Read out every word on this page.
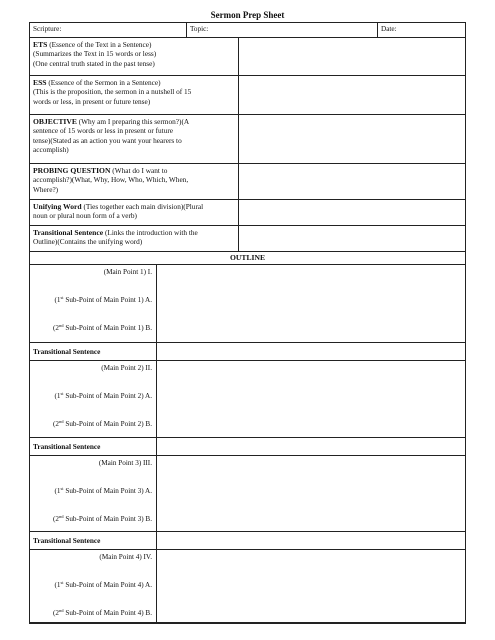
Sermon Prep Sheet
Scripture:	Topic:	Date:
ETS (Essence of the Text in a Sentence)
(Summarizes the Text in 15 words or less)
(One central truth stated in the past tense)
ESS (Essence of the Sermon in a Sentence)
(This is the proposition, the sermon in a nutshell of 15
words or less, in present or future tense)
OBJECTIVE (Why am I preparing this sermon?)(A
sentence of 15 words or less in present or future
tense)(Stated as an action you want your hearers to
accomplish)
PROBING QUESTION (What do I want to
accomplish?)(What, Why, How, Who, Which, When,
Where?)
Unifying Word (Ties together each main division)(Plural
noun or plural noun form of a verb)
Transitional Sentence (Links the introduction with the
Outline)(Contains the unifying word)
OUTLINE
(Main Point 1) I.
(1st Sub-Point of Main Point 1) A.
(2nd Sub-Point of Main Point 1) B.
Transitional Sentence
(Main Point 2) II.
(1st Sub-Point of Main Point 2) A.
(2nd Sub-Point of Main Point 2) B.
Transitional Sentence
(Main Point 3) III.
(1st Sub-Point of Main Point 3) A.
(2nd Sub-Point of Main Point 3) B.
Transitional Sentence
(Main Point 4) IV.
(1st Sub-Point of Main Point 4) A.
(2nd Sub-Point of Main Point 4) B.
